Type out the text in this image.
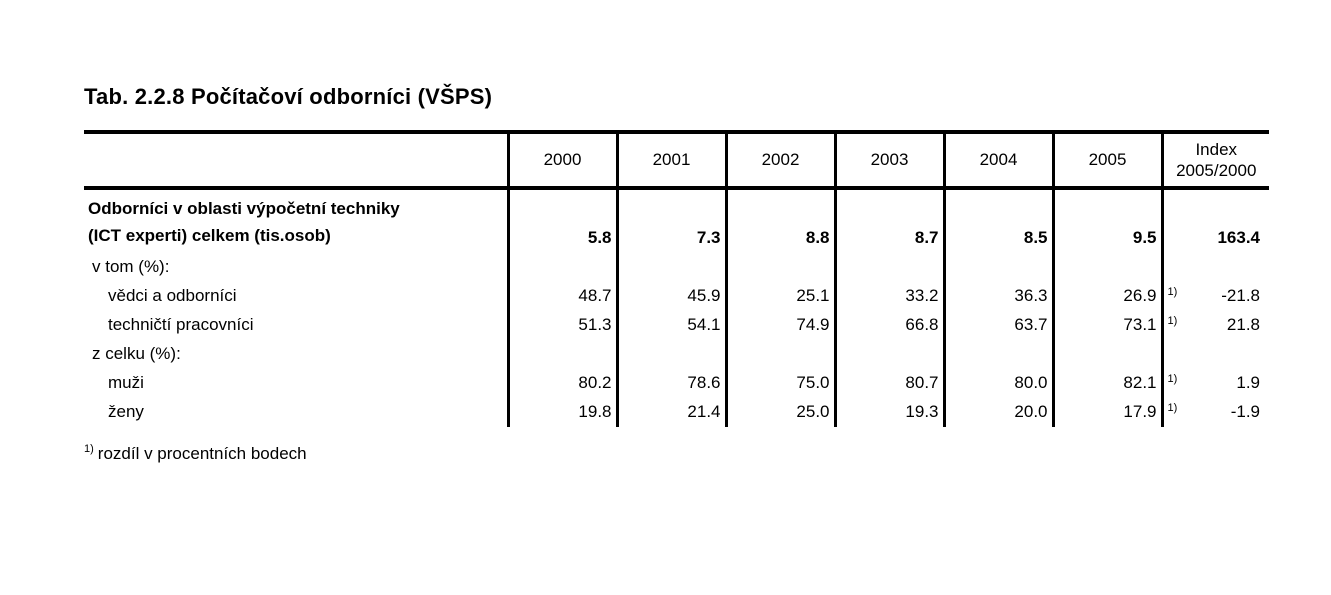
Tab. 2.2.8 Počítačoví odborníci (VŠPS)
	2000	2001	2002	2003	2004	2005	Index
2005/2000

Odborníci v oblasti výpočetní techniky
(ICT experti) celkem (tis.osob)	5.8	7.3	8.8	8.7	8.5	9.5	163.4
v tom (%):							
vědci a odborníci	48.7	45.9	25.1	33.2	36.3	26.9	1) -21.8
techničtí pracovníci	51.3	54.1	74.9	66.8	63.7	73.1	1) 21.8
z celku (%):							
muži	80.2	78.6	75.0	80.7	80.0	82.1	1) 1.9
ženy	19.8	21.4	25.0	19.3	20.0	17.9	1) -1.9
$^{1)}$ rozdíl v procentních bodech
